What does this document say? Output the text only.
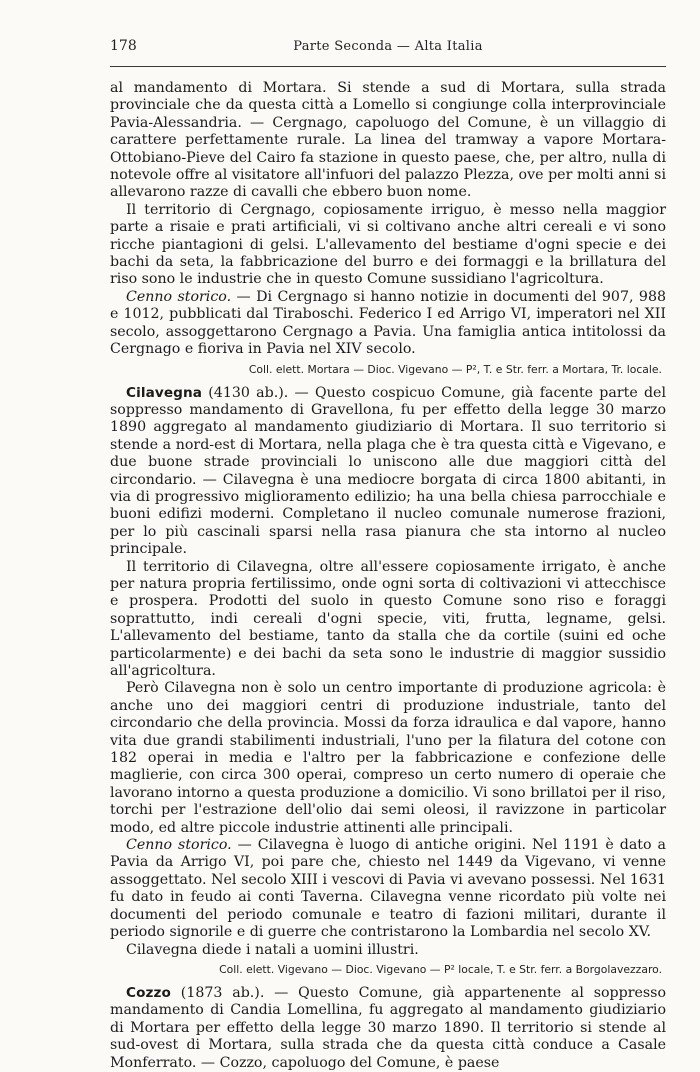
178	Parte Seconda — Alta Italia

al mandamento di Mortara. Si stende a sud di Mortara, sulla strada provinciale che da questa città a Lomello si congiunge colla interprovinciale Pavia-Alessandria. — Cergnago, capoluogo del Comune, è un villaggio di carattere perfettamente rurale. La linea del tramway a vapore Mortara-Ottobiano-Pieve del Cairo fa stazione in questo paese, che, per altro, nulla di notevole offre al visitatore all'infuori del palazzo Plezza, ove per molti anni si allevarono razze di cavalli che ebbero buon nome.

Il territorio di Cergnago, copiosamente irriguo, è messo nella maggior parte a risaie e prati artificiali, vi si coltivano anche altri cereali e vi sono ricche piantagioni di gelsi. L'allevamento del bestiame d'ogni specie e dei bachi da seta, la fabbricazione del burro e dei formaggi e la brillatura del riso sono le industrie che in questo Comune sussidiano l'agricoltura.

Cenno storico. — Di Cergnago si hanno notizie in documenti del 907, 988 e 1012, pubblicati dal Tiraboschi. Federico I ed Arrigo VI, imperatori nel XII secolo, assoggettarono Cergnago a Pavia. Una famiglia antica intitolossi da Cergnago e fioriva in Pavia nel XIV secolo.

Coll. elett. Mortara — Dioc. Vigevano — P², T. e Str. ferr. a Mortara, Tr. locale.

Cilavegna (4130 ab.). — Questo cospicuo Comune, già facente parte del soppresso mandamento di Gravellona, fu per effetto della legge 30 marzo 1890 aggregato al mandamento giudiziario di Mortara. Il suo territorio si stende a nord-est di Mortara, nella plaga che è tra questa città e Vigevano, e due buone strade provinciali lo uniscono alle due maggiori città del circondario. — Cilavegna è una mediocre borgata di circa 1800 abitanti, in via di progressivo miglioramento edilizio; ha una bella chiesa parrocchiale e buoni edifizi moderni. Completano il nucleo comunale numerose frazioni, per lo più cascinali sparsi nella rasa pianura che sta intorno al nucleo principale.

Il territorio di Cilavegna, oltre all'essere copiosamente irrigato, è anche per natura propria fertilissimo, onde ogni sorta di coltivazioni vi attecchisce e prospera. Prodotti del suolo in questo Comune sono riso e foraggi soprattutto, indi cereali d'ogni specie, viti, frutta, legname, gelsi. L'allevamento del bestiame, tanto da stalla che da cortile (suini ed oche particolarmente) e dei bachi da seta sono le industrie di maggior sussidio all'agricoltura.

Però Cilavegna non è solo un centro importante di produzione agricola: è anche uno dei maggiori centri di produzione industriale, tanto del circondario che della provincia. Mossi da forza idraulica e dal vapore, hanno vita due grandi stabilimenti industriali, l'uno per la filatura del cotone con 182 operai in media e l'altro per la fabbricazione e confezione delle maglierie, con circa 300 operai, compreso un certo numero di operaie che lavorano intorno a questa produzione a domicilio. Vi sono brillatoi per il riso, torchi per l'estrazione dell'olio dai semi oleosi, il ravizzone in particolar modo, ed altre piccole industrie attinenti alle principali.

Cenno storico. — Cilavegna è luogo di antiche origini. Nel 1191 è dato a Pavia da Arrigo VI, poi pare che, chiesto nel 1449 da Vigevano, vi venne assoggettato. Nel secolo XIII i vescovi di Pavia vi avevano possessi. Nel 1631 fu dato in feudo ai conti Taverna. Cilavegna venne ricordato più volte nei documenti del periodo comunale e teatro di fazioni militari, durante il periodo signorile e di guerre che contristarono la Lombardia nel secolo XV.

Cilavegna diede i natali a uomini illustri.

Coll. elett. Vigevano — Dioc. Vigevano — P² locale, T. e Str. ferr. a Borgolavezzaro.

Cozzo (1873 ab.). — Questo Comune, già appartenente al soppresso mandamento di Candia Lomellina, fu aggregato al mandamento giudiziario di Mortara per effetto della legge 30 marzo 1890. Il territorio si stende al sud-ovest di Mortara, sulla strada che da questa città conduce a Casale Monferrato. — Cozzo, capoluogo del Comune, è paese
